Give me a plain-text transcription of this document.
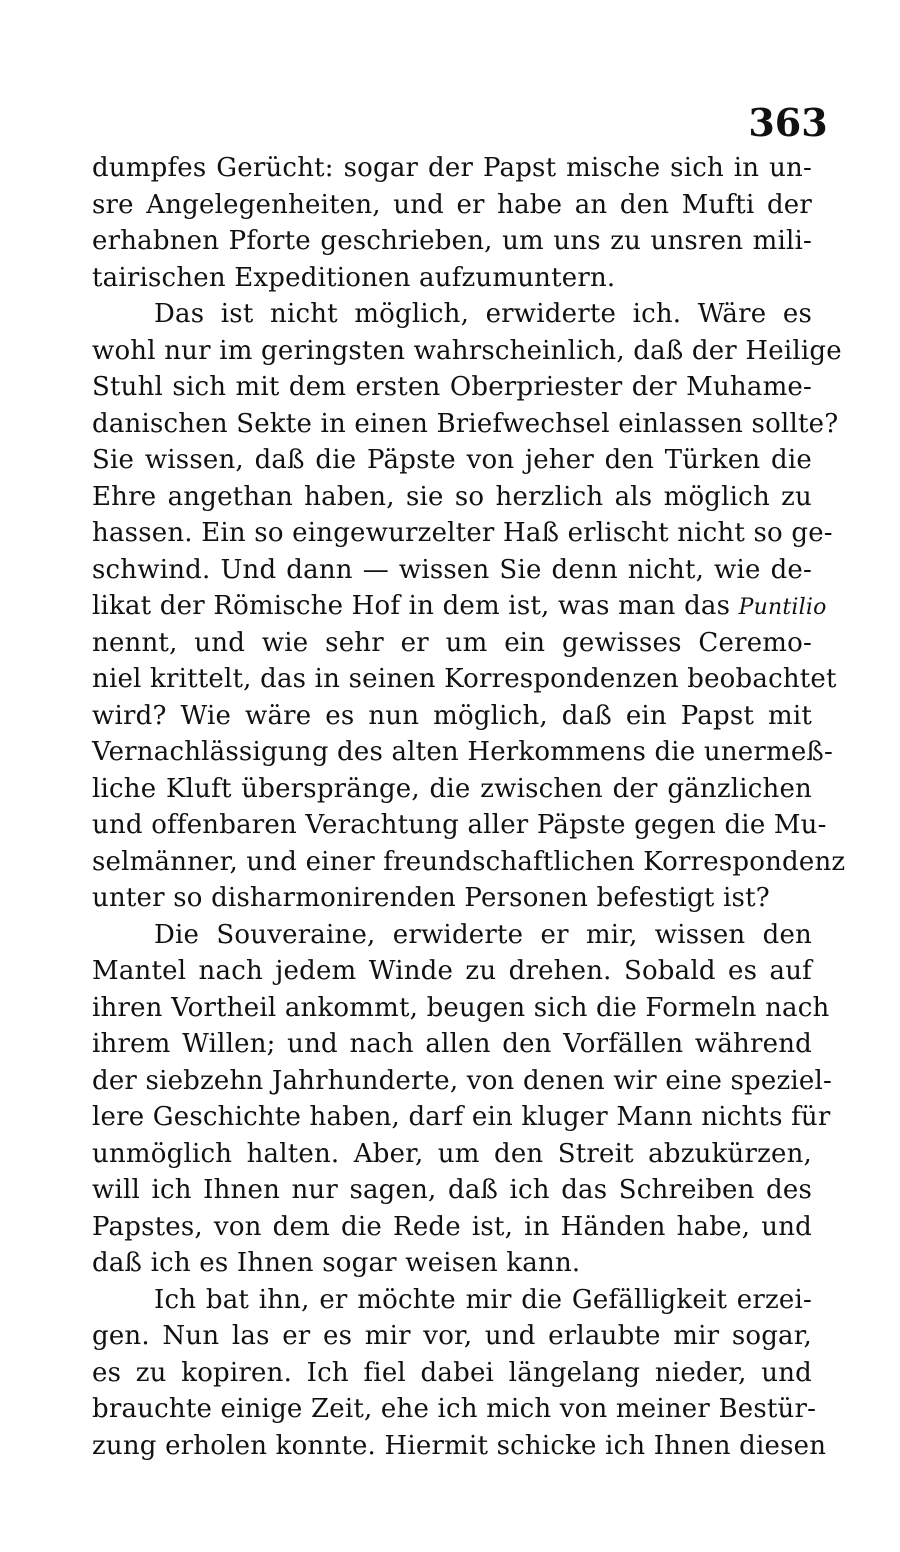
363
dumpfes Gerücht: sogar der Papst mische sich in un-
sre Angelegenheiten, und er habe an den Mufti der
erhabnen Pforte geschrieben, um uns zu unsren mili-
tairischen Expeditionen aufzumuntern.
Das ist nicht möglich, erwiderte ich. Wäre es
wohl nur im geringsten wahrscheinlich, daß der Heilige
Stuhl sich mit dem ersten Oberpriester der Muhame-
danischen Sekte in einen Briefwechsel einlassen sollte?
Sie wissen, daß die Päpste von jeher den Türken die
Ehre angethan haben, sie so herzlich als möglich zu
hassen. Ein so eingewurzelter Haß erlischt nicht so ge-
schwind. Und dann — wissen Sie denn nicht, wie de-
likat der Römische Hof in dem ist, was man das Puntilio
nennt, und wie sehr er um ein gewisses Ceremo-
niel krittelt, das in seinen Korrespondenzen beobachtet
wird? Wie wäre es nun möglich, daß ein Papst mit
Vernachlässigung des alten Herkommens die unermeß-
liche Kluft überspränge, die zwischen der gänzlichen
und offenbaren Verachtung aller Päpste gegen die Mu-
selmänner, und einer freundschaftlichen Korrespondenz
unter so disharmonirenden Personen befestigt ist?
Die Souveraine, erwiderte er mir, wissen den
Mantel nach jedem Winde zu drehen. Sobald es auf
ihren Vortheil ankommt, beugen sich die Formeln nach
ihrem Willen; und nach allen den Vorfällen während
der siebzehn Jahrhunderte, von denen wir eine speziel-
lere Geschichte haben, darf ein kluger Mann nichts für
unmöglich halten. Aber, um den Streit abzukürzen,
will ich Ihnen nur sagen, daß ich das Schreiben des
Papstes, von dem die Rede ist, in Händen habe, und
daß ich es Ihnen sogar weisen kann.
Ich bat ihn, er möchte mir die Gefälligkeit erzei-
gen. Nun las er es mir vor, und erlaubte mir sogar,
es zu kopiren. Ich fiel dabei längelang nieder, und
brauchte einige Zeit, ehe ich mich von meiner Bestür-
zung erholen konnte. Hiermit schicke ich Ihnen diesen
